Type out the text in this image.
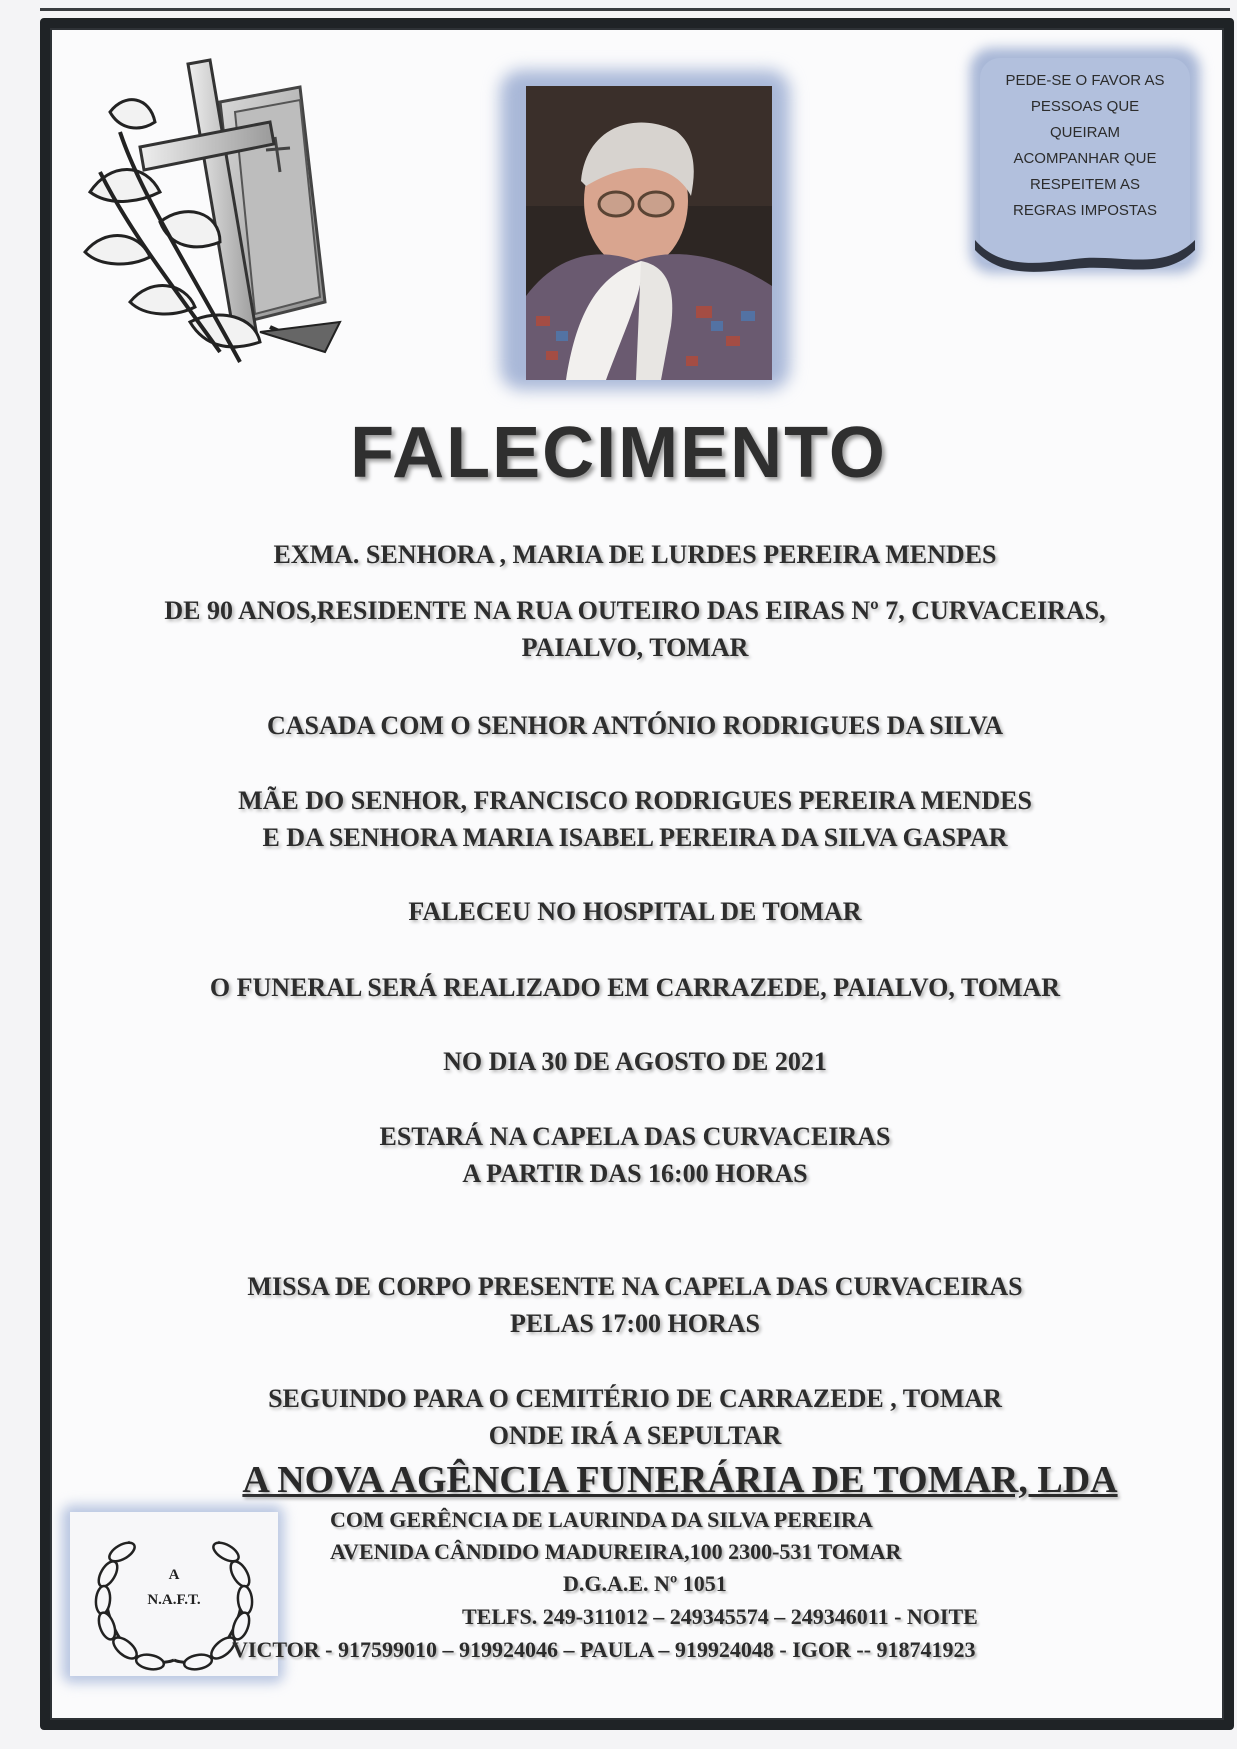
PEDE-SE O FAVOR AS
PESSOAS QUE
QUEIRAM
ACOMPANHAR QUE
RESPEITEM AS
REGRAS IMPOSTAS
FALECIMENTO
EXMA. SENHORA , MARIA DE LURDES PEREIRA MENDES
DE 90 ANOS,RESIDENTE NA RUA OUTEIRO DAS EIRAS Nº 7, CURVACEIRAS,
PAIALVO, TOMAR
CASADA COM O SENHOR ANTÓNIO RODRIGUES DA SILVA
MÃE DO SENHOR, FRANCISCO RODRIGUES PEREIRA MENDES
E DA SENHORA MARIA ISABEL PEREIRA DA SILVA GASPAR
FALECEU NO HOSPITAL DE TOMAR
O FUNERAL SERÁ REALIZADO EM CARRAZEDE, PAIALVO, TOMAR
NO DIA 30 DE AGOSTO DE 2021
ESTARÁ NA CAPELA DAS CURVACEIRAS
A PARTIR DAS 16:00 HORAS
MISSA DE CORPO PRESENTE NA CAPELA DAS CURVACEIRAS
PELAS 17:00 HORAS
SEGUINDO PARA O CEMITÉRIO DE CARRAZEDE , TOMAR
ONDE IRÁ A SEPULTAR
A NOVA AGÊNCIA FUNERÁRIA DE TOMAR, LDA
A
N.A.F.T.
COM GERÊNCIA DE LAURINDA DA SILVA PEREIRA
AVENIDA CÂNDIDO MADUREIRA,100 2300-531 TOMAR
D.G.A.E. Nº 1051
TELFS. 249-311012 – 249345574 – 249346011 - NOITE
VICTOR - 917599010 – 919924046 – PAULA – 919924048 - IGOR -- 918741923
